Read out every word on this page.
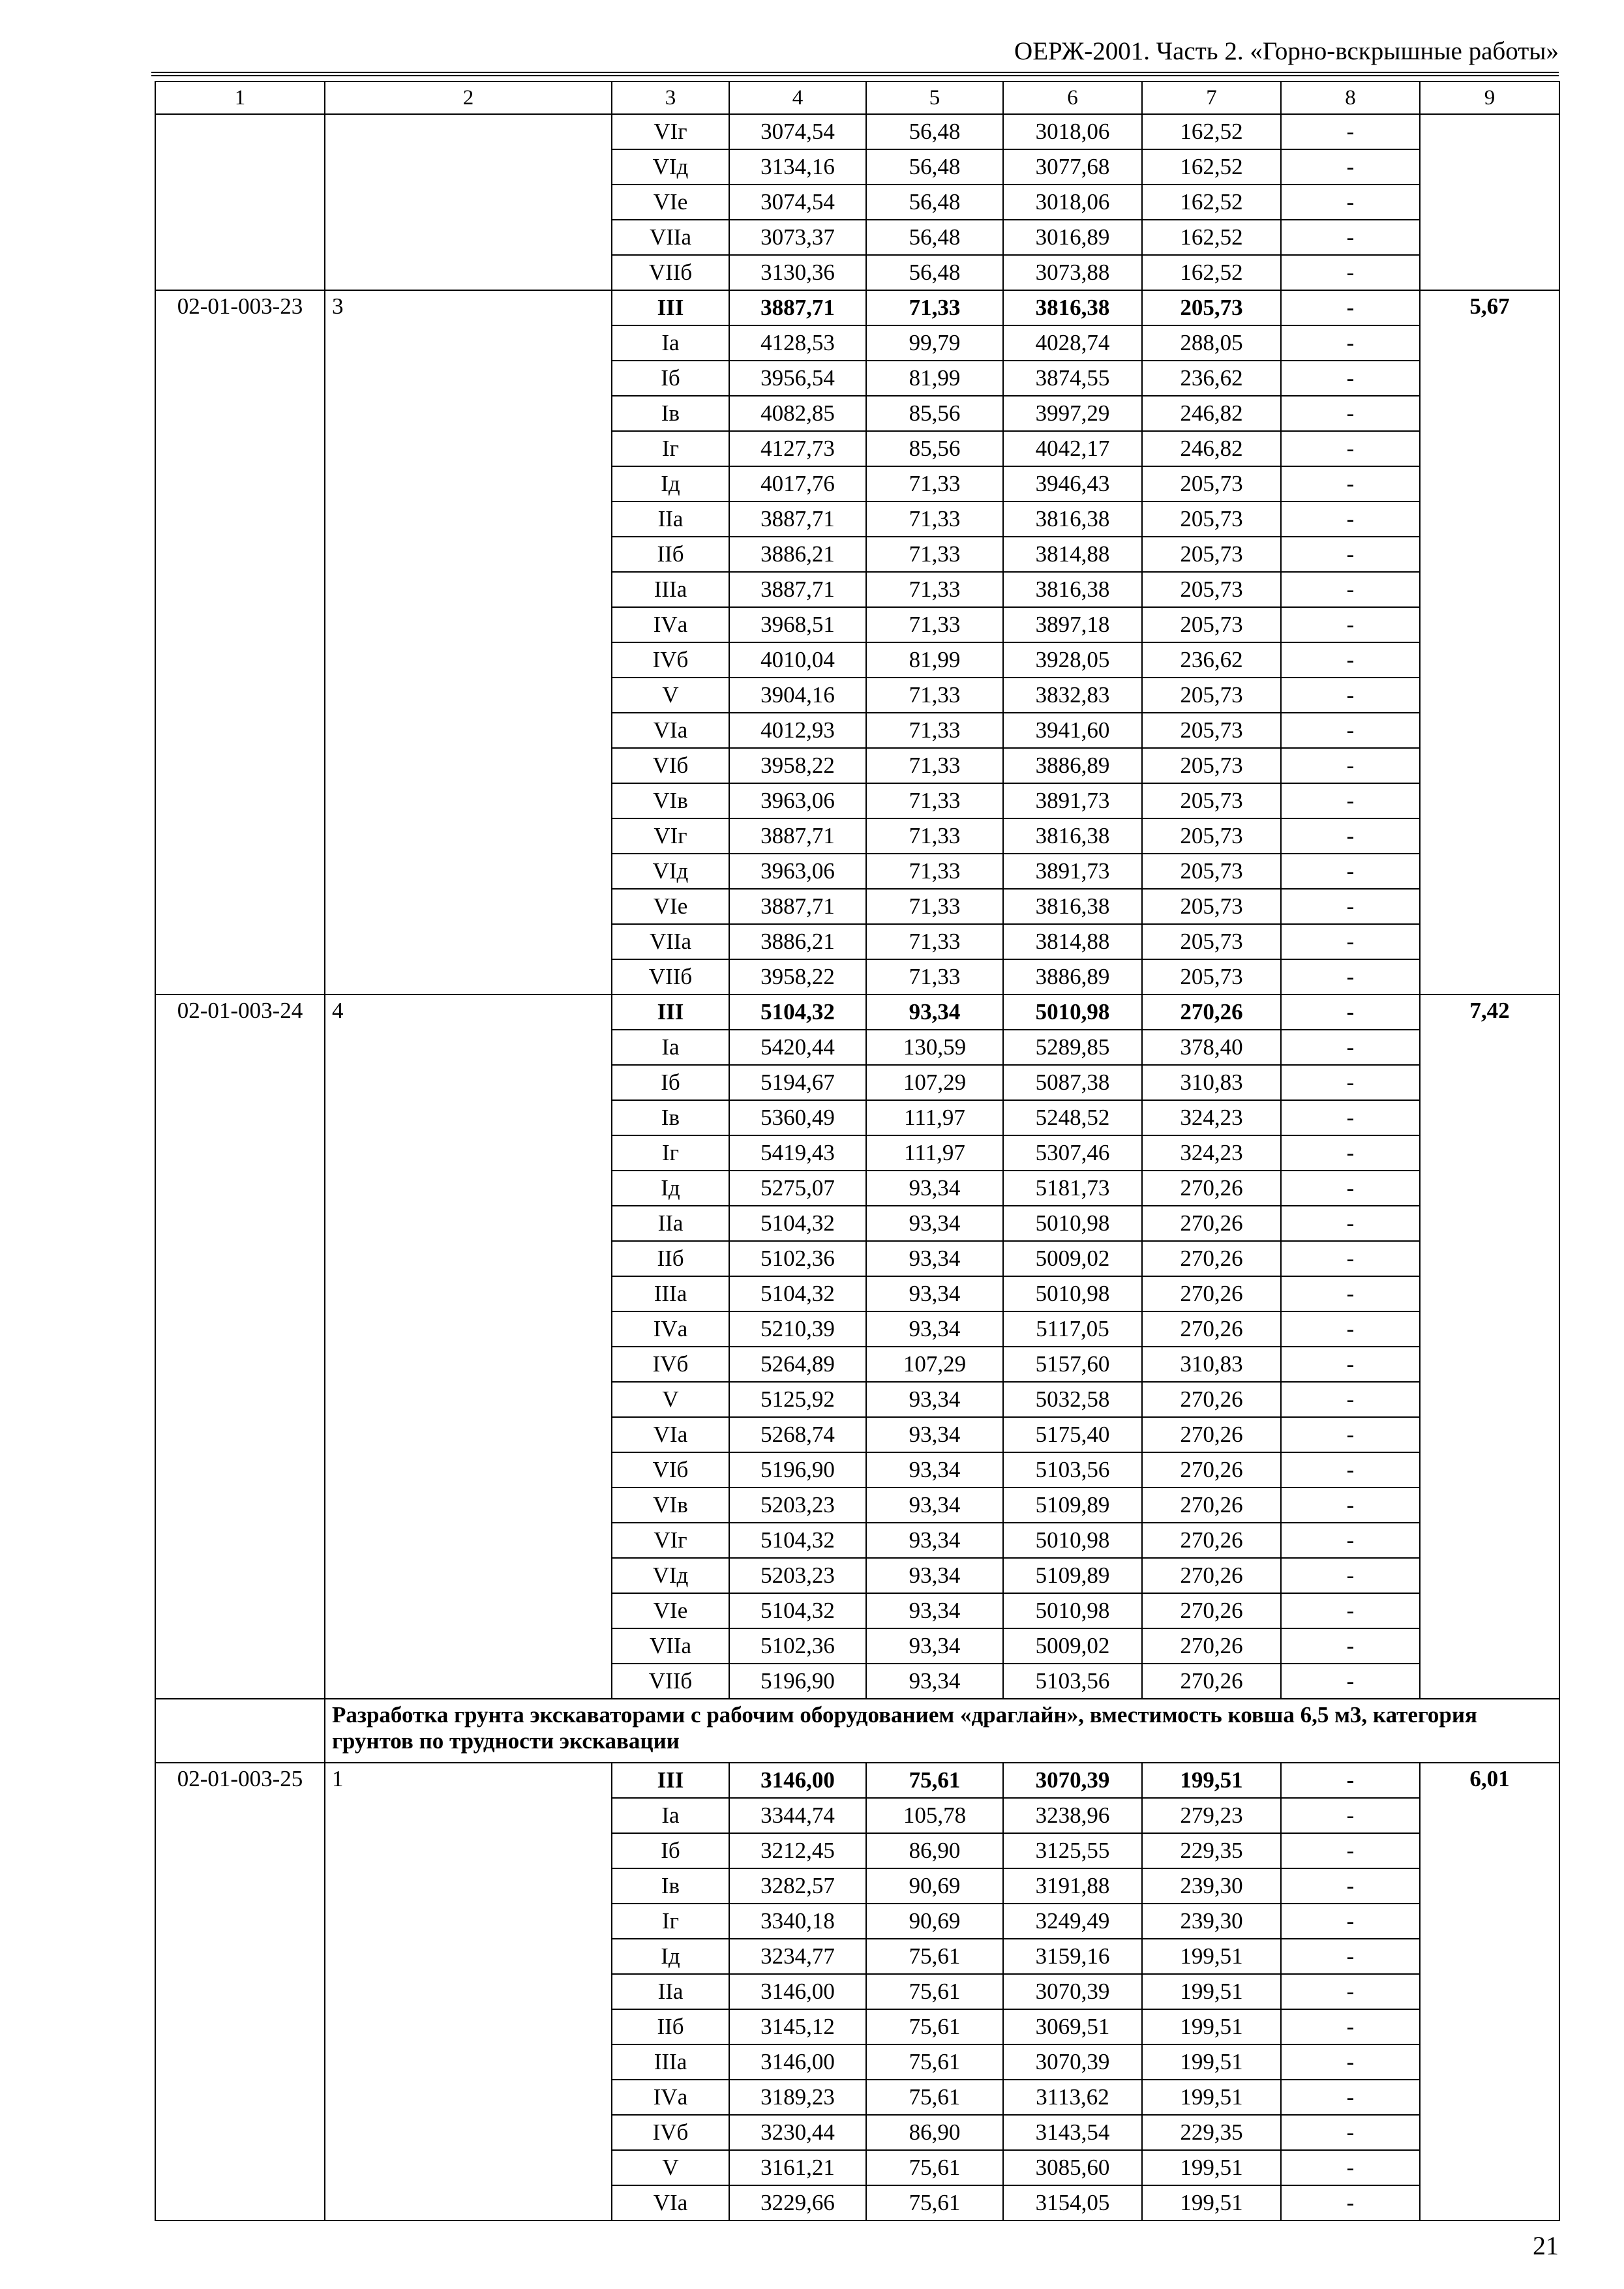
ОЕРЖ-2001. Часть 2. «Горно-вскрышные работы»
1	2	3	4	5	6	7	8	9
		VIг	3074,54	56,48	3018,06	162,52	-	
		VIд	3134,16	56,48	3077,68	162,52	-	
		VIе	3074,54	56,48	3018,06	162,52	-	
		VIIа	3073,37	56,48	3016,89	162,52	-	
		VIIб	3130,36	56,48	3073,88	162,52	-	
02-01-003-23	3	III	3887,71	71,33	3816,38	205,73	-	5,67
		Iа	4128,53	99,79	4028,74	288,05	-	
		Iб	3956,54	81,99	3874,55	236,62	-	
		Iв	4082,85	85,56	3997,29	246,82	-	
		Iг	4127,73	85,56	4042,17	246,82	-	
		Iд	4017,76	71,33	3946,43	205,73	-	
		IIа	3887,71	71,33	3816,38	205,73	-	
		IIб	3886,21	71,33	3814,88	205,73	-	
		IIIа	3887,71	71,33	3816,38	205,73	-	
		IVа	3968,51	71,33	3897,18	205,73	-	
		IVб	4010,04	81,99	3928,05	236,62	-	
		V	3904,16	71,33	3832,83	205,73	-	
		VIа	4012,93	71,33	3941,60	205,73	-	
		VIб	3958,22	71,33	3886,89	205,73	-	
		VIв	3963,06	71,33	3891,73	205,73	-	
		VIг	3887,71	71,33	3816,38	205,73	-	
		VIд	3963,06	71,33	3891,73	205,73	-	
		VIе	3887,71	71,33	3816,38	205,73	-	
		VIIа	3886,21	71,33	3814,88	205,73	-	
		VIIб	3958,22	71,33	3886,89	205,73	-	
02-01-003-24	4	III	5104,32	93,34	5010,98	270,26	-	7,42
		Iа	5420,44	130,59	5289,85	378,40	-	
		Iб	5194,67	107,29	5087,38	310,83	-	
		Iв	5360,49	111,97	5248,52	324,23	-	
		Iг	5419,43	111,97	5307,46	324,23	-	
		Iд	5275,07	93,34	5181,73	270,26	-	
		IIа	5104,32	93,34	5010,98	270,26	-	
		IIб	5102,36	93,34	5009,02	270,26	-	
		IIIа	5104,32	93,34	5010,98	270,26	-	
		IVа	5210,39	93,34	5117,05	270,26	-	
		IVб	5264,89	107,29	5157,60	310,83	-	
		V	5125,92	93,34	5032,58	270,26	-	
		VIа	5268,74	93,34	5175,40	270,26	-	
		VIб	5196,90	93,34	5103,56	270,26	-	
		VIв	5203,23	93,34	5109,89	270,26	-	
		VIг	5104,32	93,34	5010,98	270,26	-	
		VIд	5203,23	93,34	5109,89	270,26	-	
		VIе	5104,32	93,34	5010,98	270,26	-	
		VIIа	5102,36	93,34	5009,02	270,26	-	
		VIIб	5196,90	93,34	5103,56	270,26	-	
	Разработка грунта экскаваторами с рабочим оборудованием «драглайн», вместимость ковша 6,5 м3, категория грунтов по трудности экскавации							
02-01-003-25	1	III	3146,00	75,61	3070,39	199,51	-	6,01
		Iа	3344,74	105,78	3238,96	279,23	-	
		Iб	3212,45	86,90	3125,55	229,35	-	
		Iв	3282,57	90,69	3191,88	239,30	-	
		Iг	3340,18	90,69	3249,49	239,30	-	
		Iд	3234,77	75,61	3159,16	199,51	-	
		IIа	3146,00	75,61	3070,39	199,51	-	
		IIб	3145,12	75,61	3069,51	199,51	-	
		IIIа	3146,00	75,61	3070,39	199,51	-	
		IVа	3189,23	75,61	3113,62	199,51	-	
		IVб	3230,44	86,90	3143,54	229,35	-	
		V	3161,21	75,61	3085,60	199,51	-	
		VIа	3229,66	75,61	3154,05	199,51	-	
21
